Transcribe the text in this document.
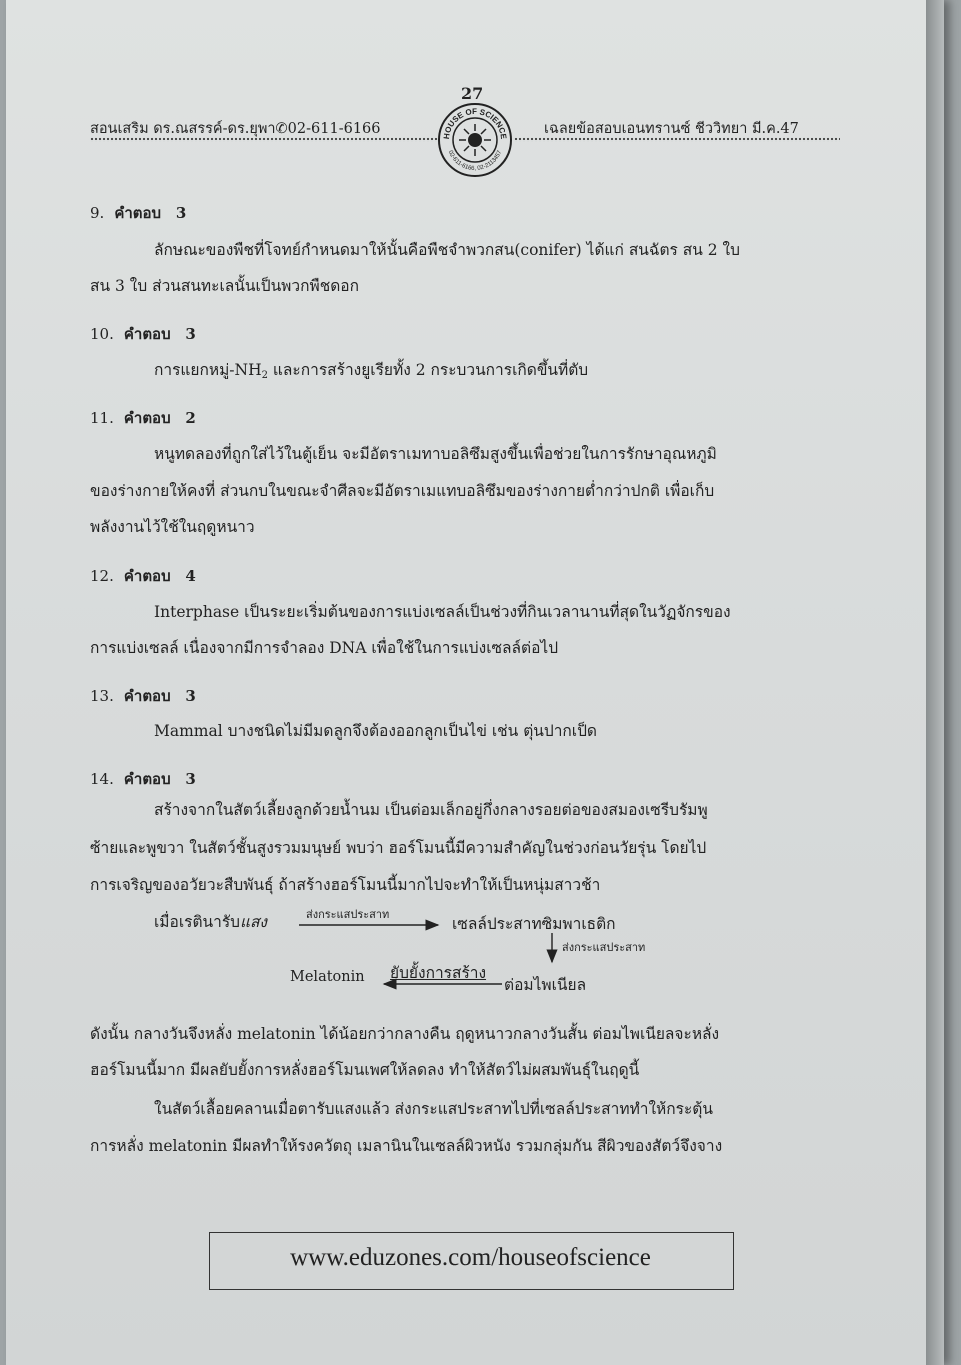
27
สอนเสริม ดร.ณสรรค์-ดร.ยุพา✆02-611-6166	เฉลยข้อสอบเอนทรานซ์ ชีววิทยา มี.ค.47
HOUSE OF SCIENCE
02-611-6166, 02-2113457
9. คำตอบ 3
ลักษณะของพืชที่โจทย์กำหนดมาให้นั้นคือพืชจำพวกสน(conifer) ได้แก่ สนฉัตร สน 2 ใบ
สน 3 ใบ ส่วนสนทะเลนั้นเป็นพวกพืชดอก
10. คำตอบ 3
การแยกหมู่$-NH_2$ และการสร้างยูเรียทั้ง 2 กระบวนการเกิดขึ้นที่ตับ
11. คำตอบ 2
หนูทดลองที่ถูกใส่ไว้ในตู้เย็น จะมีอัตราเมทาบอลิซึมสูงขึ้นเพื่อช่วยในการรักษาอุณหภูมิ
ของร่างกายให้คงที่ ส่วนกบในขณะจำศีลจะมีอัตราเมแทบอลิซึมของร่างกายต่ำกว่าปกติ เพื่อเก็บ
พลังงานไว้ใช้ในฤดูหนาว
12. คำตอบ 4
Interphase เป็นระยะเริ่มต้นของการแบ่งเซลล์เป็นช่วงที่กินเวลานานที่สุดในวัฏจักรของ
การแบ่งเซลล์ เนื่องจากมีการจำลอง DNA เพื่อใช้ในการแบ่งเซลล์ต่อไป
13. คำตอบ 3
Mammal บางชนิดไม่มีมดลูกจึงต้องออกลูกเป็นไข่ เช่น ตุ่นปากเป็ด
14. คำตอบ 3
สร้างจากในสัตว์เลี้ยงลูกด้วยน้ำนม เป็นต่อมเล็กอยู่กึ่งกลางรอยต่อของสมองเซรีบรัมพู
ซ้ายและพูขวา ในสัตว์ชั้นสูงรวมมนุษย์ พบว่า ฮอร์โมนนี้มีความสำคัญในช่วงก่อนวัยรุ่น โดยไป
การเจริญของอวัยวะสืบพันธุ์ ถ้าสร้างฮอร์โมนนี้มากไปจะทำให้เป็นหนุ่มสาวช้า
เมื่อเรตินารับแสง	ส่งกระแสประสาท
เซลล์ประสาทซิมพาเธติก
ส่งกระแสประสาท
ต่อมไพเนียล
ยับยั้งการสร้าง
Melatonin
ดังนั้น กลางวันจึงหลั่ง melatonin ได้น้อยกว่ากลางคืน ฤดูหนาวกลางวันสั้น ต่อมไพเนียลจะหลั่ง
ฮอร์โมนนี้มาก มีผลยับยั้งการหลั่งฮอร์โมนเพศให้ลดลง ทำให้สัตว์ไม่ผสมพันธุ์ในฤดูนี้
ในสัตว์เลื้อยคลานเมื่อตารับแสงแล้ว ส่งกระแสประสาทไปที่เซลล์ประสาททำให้กระตุ้น
การหลั่ง melatonin มีผลทำให้รงควัตถุ เมลานินในเซลล์ผิวหนัง รวมกลุ่มกัน สีผิวของสัตว์จึงจาง
www.eduzones.com/houseofscience
